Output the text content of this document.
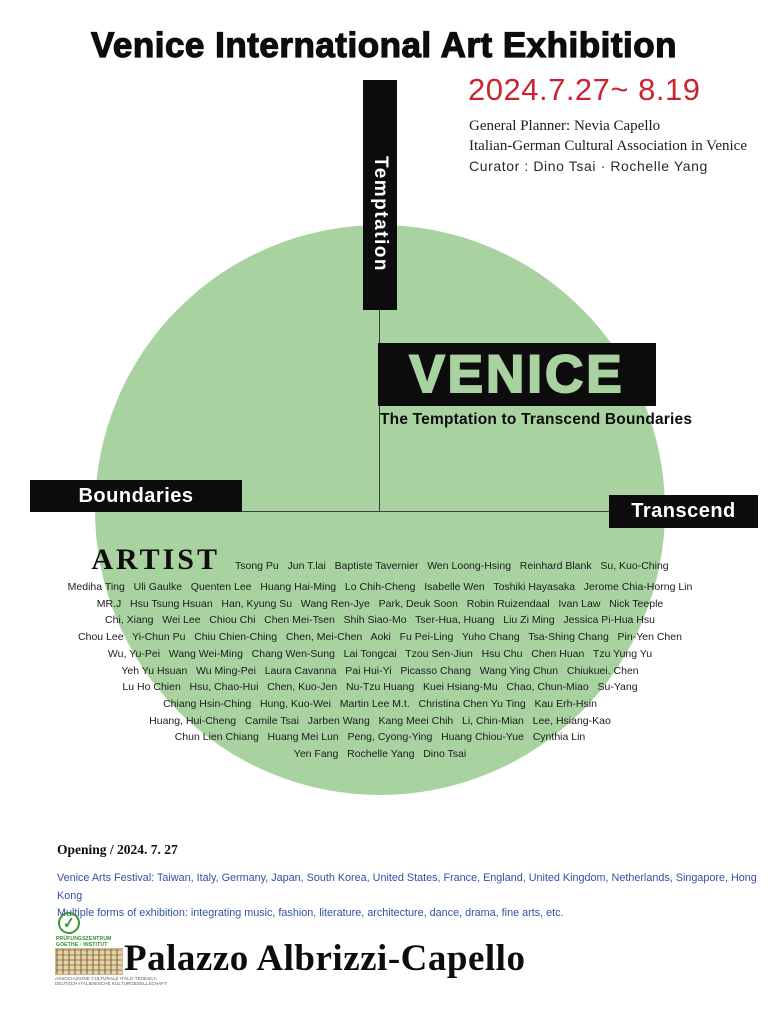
Venice International Art Exhibition
2024.7.27~ 8.19
General Planner: Nevia Capello
Italian-German Cultural Association in Venice
Curator : Dino Tsai · Rochelle Yang
Temptation
VENICE
The Temptation to Transcend Boundaries
Boundaries
Transcend
ARTIST Tsong Pu   Jun T.lai   Baptiste Tavernier   Wen Loong-Hsing   Reinhard Blank   Su, Kuo-Ching
Mediha Ting   Uli Gaulke   Quenten Lee   Huang Hai-Ming   Lo Chih-Cheng   Isabelle Wen   Toshiki Hayasaka   Jerome Chia-Horng Lin
MR.J   Hsu Tsung Hsuan   Han, Kyung Su   Wang Ren-Jye   Park, Deuk Soon   Robin Ruizendaal   Ivan Law   Nick Teeple
Chi, Xiang   Wei Lee   Chiou Chi   Chen Mei-Tsen   Shih Siao-Mo   Tser-Hua, Huang   Liu Zi Ming   Jessica Pi-Hua Hsu
Chou Lee   Yi-Chun Pu   Chiu Chien-Ching   Chen, Mei-Chen   Aoki   Fu Pei-Ling   Yuho Chang   Tsa-Shing Chang   Pin-Yen Chen
Wu, Yu-Pei   Wang Wei-Ming   Chang Wen-Sung   Lai Tongcai   Tzou Sen-Jiun   Hsu Chu   Chen Huan   Tzu Yung Yu
Yeh Yu Hsuan   Wu Ming-Pei   Laura Cavanna   Pai Hui-Yi   Picasso Chang   Wang Ying Chun   Chiukuei. Chen
Lu Ho Chien   Hsu, Chao-Hui   Chen, Kuo-Jen   Nu-Tzu Huang   Kuei Hsiang-Mu   Chao, Chun-Miao   Su-Yang
Chiang Hsin-Ching   Hung, Kuo-Wei   Martin Lee M.t.   Christina Chen Yu Ting   Kau Erh-Hsin
Huang, Hui-Cheng   Camile Tsai   Jarben Wang   Kang Meei Chih   Li, Chin-Mian   Lee, Hsiang-Kao
Chun Lien Chiang   Huang Mei Lun   Peng, Cyong-Ying   Huang Chiou-Yue   Cynthia Lin
Yen Fang   Rochelle Yang   Dino Tsai
Opening / 2024. 7. 27
Venice Arts Festival: Taiwan, Italy, Germany, Japan, South Korea, United States, France, England, United Kingdom, Netherlands, Singapore, Hong Kong
Multiple forms of exhibition: integrating music, fashion, literature, architecture, dance, drama, fine arts, etc.
✓
PRÜFUNGSZENTRUM
GOETHE · INSTITUT
ASSOCIAZIONE CULTURALE ITALO-TEDESCA
DEUTSCH-ITALIENISCHE KULTURGESELLSCHAFT
Palazzo Albrizzi-Capello
